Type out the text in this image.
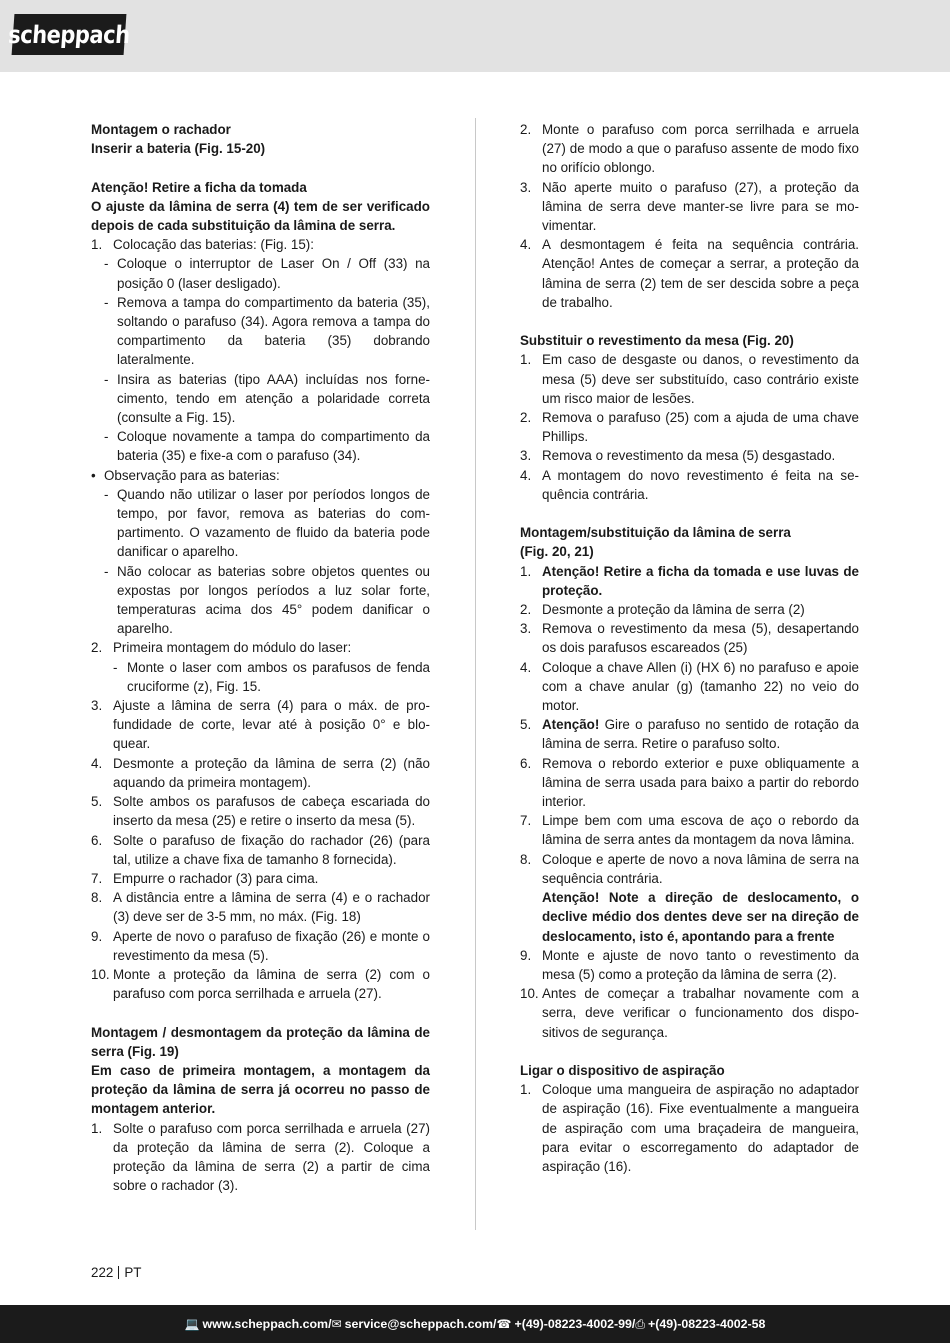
scheppach
Montagem o rachador
Inserir a bateria (Fig. 15-20)
Atenção! Retire a ficha da tomada
O ajuste da lâmina de serra (4) tem de ser verificado depois de cada substituição da lâmina de serra.
1. Colocação das baterias: (Fig. 15):
- Coloque o interruptor de Laser On / Off (33) na posição 0 (laser desligado).
- Remova a tampa do compartimento da bateria (35), soltando o parafuso (34). Agora remova a tampa do compartimento da bateria (35) dobrando lateralmente.
- Insira as baterias (tipo AAA) incluídas nos fornecimento, tendo em atenção a polaridade correta (consulte a Fig. 15).
- Coloque novamente a tampa do compartimento da bateria (35) e fixe-a com o parafuso (34).
• Observação para as baterias:
- Quando não utilizar o laser por períodos longos de tempo, por favor, remova as baterias do compartimento. O vazamento de fluido da bateria pode danificar o aparelho.
- Não colocar as baterias sobre objetos quentes ou expostas por longos períodos a luz solar forte, temperaturas acima dos 45° podem danificar o aparelho.
2. Primeira montagem do módulo do laser:
- Monte o laser com ambos os parafusos de fenda cruciforme (z), Fig. 15.
3. Ajuste a lâmina de serra (4) para o máx. de profundidade de corte, levar até à posição 0° e bloquear.
4. Desmonte a proteção da lâmina de serra (2) (não aquando da primeira montagem).
5. Solte ambos os parafusos de cabeça escariada do inserto da mesa (25) e retire o inserto da mesa (5).
6. Solte o parafuso de fixação do rachador (26) (para tal, utilize a chave fixa de tamanho 8 fornecida).
7. Empurre o rachador (3) para cima.
8. A distância entre a lâmina de serra (4) e o rachador (3) deve ser de 3-5 mm, no máx. (Fig. 18)
9. Aperte de novo o parafuso de fixação (26) e monte o revestimento da mesa (5).
10. Monte a proteção da lâmina de serra (2) com o parafuso com porca serrilhada e arruela (27).
Montagem / desmontagem da proteção da lâmina de serra (Fig. 19)
Em caso de primeira montagem, a montagem da proteção da lâmina de serra já ocorreu no passo de montagem anterior.
1. Solte o parafuso com porca serrilhada e arruela (27) da proteção da lâmina de serra (2). Coloque a proteção da lâmina de serra (2) a partir de cima sobre o rachador (3).
2. Monte o parafuso com porca serrilhada e arruela (27) de modo a que o parafuso assente de modo fixo no orifício oblongo.
3. Não aperte muito o parafuso (27), a proteção da lâmina de serra deve manter-se livre para se movimentar.
4. A desmontagem é feita na sequência contrária. Atenção! Antes de começar a serrar, a proteção da lâmina de serra (2) tem de ser descida sobre a peça de trabalho.
Substituir o revestimento da mesa (Fig. 20)
1. Em caso de desgaste ou danos, o revestimento da mesa (5) deve ser substituído, caso contrário existe um risco maior de lesões.
2. Remova o parafuso (25) com a ajuda de uma chave Phillips.
3. Remova o revestimento da mesa (5) desgastado.
4. A montagem do novo revestimento é feita na sequência contrária.
Montagem/substituição da lâmina de serra
(Fig. 20, 21)
1. Atenção! Retire a ficha da tomada e use luvas de proteção.
2. Desmonte a proteção da lâmina de serra (2)
3. Remova o revestimento da mesa (5), desapertando os dois parafusos escareados (25)
4. Coloque a chave Allen (i) (HX 6) no parafuso e apoie com a chave anular (g) (tamanho 22) no veio do motor.
5. Atenção! Gire o parafuso no sentido de rotação da lâmina de serra. Retire o parafuso solto.
6. Remova o rebordo exterior e puxe obliquamente a lâmina de serra usada para baixo a partir do rebordo interior.
7. Limpe bem com uma escova de aço o rebordo da lâmina de serra antes da montagem da nova lâmina.
8. Coloque e aperte de novo a nova lâmina de serra na sequência contrária.
Atenção! Note a direção de deslocamento, o declive médio dos dentes deve ser na direção de deslocamento, isto é, apontando para a frente
9. Monte e ajuste de novo tanto o revestimento da mesa (5) como a proteção da lâmina de serra (2).
10. Antes de começar a trabalhar novamente com a serra, deve verificar o funcionamento dos dispositivos de segurança.
Ligar o dispositivo de aspiração
1. Coloque uma mangueira de aspiração no adaptador de aspiração (16). Fixe eventualmente a mangueira de aspiração com uma braçadeira de mangueira, para evitar o escorregamento do adaptador de aspiração (16).
222 PT
💻 www.scheppach.com / ✉ service@scheppach.com / ☎ +(49)-08223-4002-99 / ⎙ +(49)-08223-4002-58
